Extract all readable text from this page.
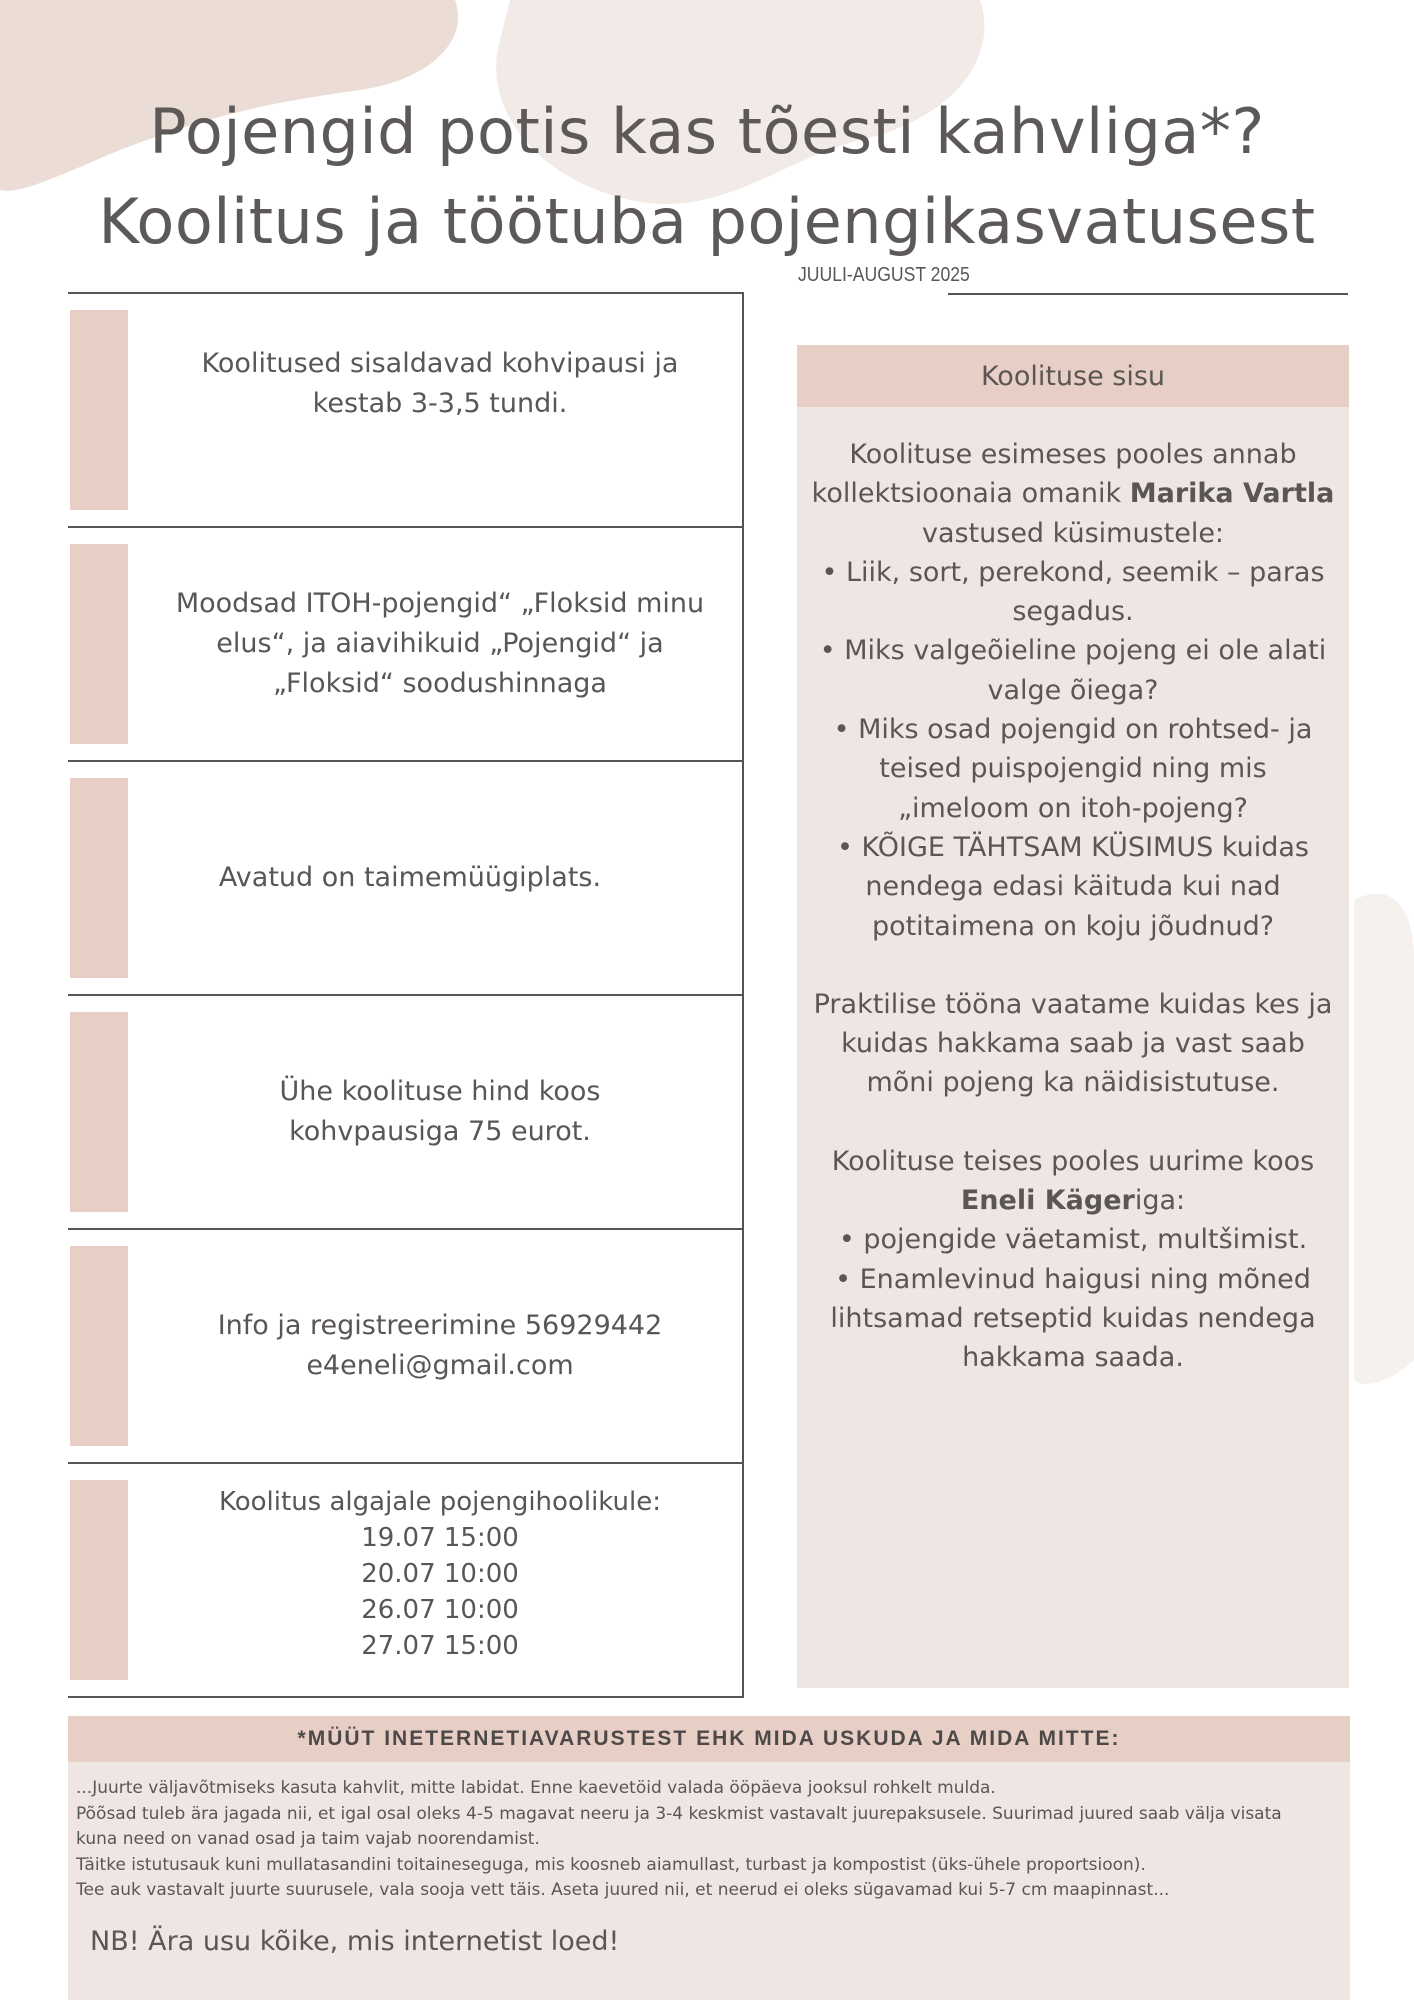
Pojengid potis kas tõesti kahvliga*?
Koolitus ja töötuba pojengikasvatusest
JUULI-AUGUST 2025
Koolitused sisaldavad kohvipausi ja kestab 3-3,5 tundi.
Moodsad ITOH-pojengid“ „Floksid minu elus“, ja aiavihikuid „Pojengid“ ja „Floksid“ soodushinnaga
Avatud on taimemüügiplats.
Ühe koolituse hind koos kohvpausiga 75 eurot.
Info ja registreerimine 56929442 e4eneli@gmail.com
Koolitus algajale pojengihoolikule:
19.07 15:00
20.07 10:00
26.07 10:00
27.07 15:00
Koolituse sisu

Koolituse esimeses pooles annab kollektsioonaia omanik Marika Vartla vastused küsimustele:

• Liik, sort, perekond, seemik – paras segadus.

• Miks valgeõieline pojeng ei ole alati valge õiega?

• Miks osad pojengid on rohtsed- ja teised puispojengid ning mis „imeloom on itoh-pojeng?

• KÕIGE TÄHTSAM KÜSIMUS kuidas nendega edasi käituda kui nad potitaimena on koju jõudnud?

Praktilise tööna vaatame kuidas kes ja kuidas hakkama saab ja vast saab mõni pojeng ka näidisistutuse.

Koolituse teises pooles uurime koos Eneli Kägeriga:

• pojengide väetamist, multšimist.

• Enamlevinud haigusi ning mõned lihtsamad retseptid kuidas nendega hakkama saada.

*MÜÜT INETERNETIAVARUSTEST EHK MIDA USKUDA JA MIDA MITTE:
...Juurte väljavõtmiseks kasuta kahvlit, mitte labidat. Enne kaevetöid valada ööpäeva jooksul rohkelt mulda.
Põõsad tuleb ära jagada nii, et igal osal oleks 4-5 magavat neeru ja 3-4 keskmist vastavalt juurepaksusele. Suurimad juured saab välja visata
kuna need on vanad osad ja taim vajab noorendamist.
Täitke istutusauk kuni mullatasandini toitaineseguga, mis koosneb aiamullast, turbast ja kompostist (üks-ühele proportsioon).
Tee auk vastavalt juurte suurusele, vala sooja vett täis. Aseta juured nii, et neerud ei oleks sügavamad kui 5-7 cm maapinnast...
NB! Ära usu kõike, mis internetist loed!
